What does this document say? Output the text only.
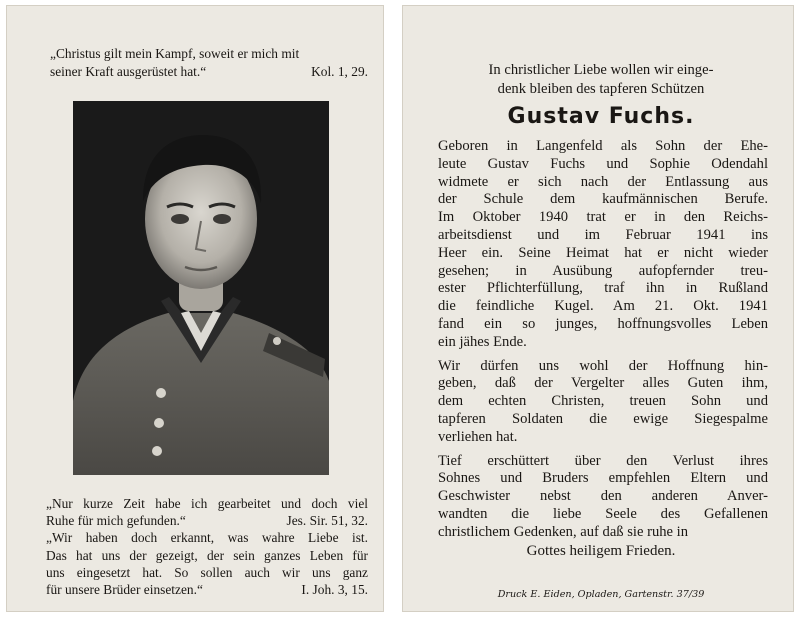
„Christus gilt mein Kampf, soweit er mich mit
seiner Kraft ausgerüstet hat.“	Kol. 1, 29.
„Nur kurze Zeit habe ich gearbeitet und doch viel
Ruhe für mich gefunden.“	Jes. Sir. 51, 32.
„Wir haben doch erkannt, was wahre Liebe ist.
Das hat uns der gezeigt, der sein ganzes Leben für
uns eingesetzt hat. So sollen auch wir uns ganz
für unsere Brüder einsetzen.“	I. Joh. 3, 15.
In christlicher Liebe wollen wir einge-
denk bleiben des tapferen Schützen
Gustav Fuchs.
Geboren in Langenfeld als Sohn der Ehe-
leute Gustav Fuchs und Sophie Odendahl
widmete er sich nach der Entlassung aus
der Schule dem kaufmännischen Berufe.
Im Oktober 1940 trat er in den Reichs-
arbeitsdienst und im Februar 1941 ins
Heer ein. Seine Heimat hat er nicht wieder
gesehen; in Ausübung aufopfernder treu-
ester Pflichterfüllung, traf ihn in Rußland
die feindliche Kugel. Am 21. Okt. 1941
fand ein so junges, hoffnungsvolles Leben
ein jähes Ende.
Wir dürfen uns wohl der Hoffnung hin-
geben, daß der Vergelter alles Guten ihm,
dem echten Christen, treuen Sohn und
tapferen Soldaten die ewige Siegespalme
verliehen hat.
Tief erschüttert über den Verlust ihres
Sohnes und Bruders empfehlen Eltern und
Geschwister nebst den anderen Anver-
wandten die liebe Seele des Gefallenen
christlichem Gedenken, auf daß sie ruhe in
Gottes heiligem Frieden.
Druck E. Eiden, Opladen, Gartenstr. 37/39
